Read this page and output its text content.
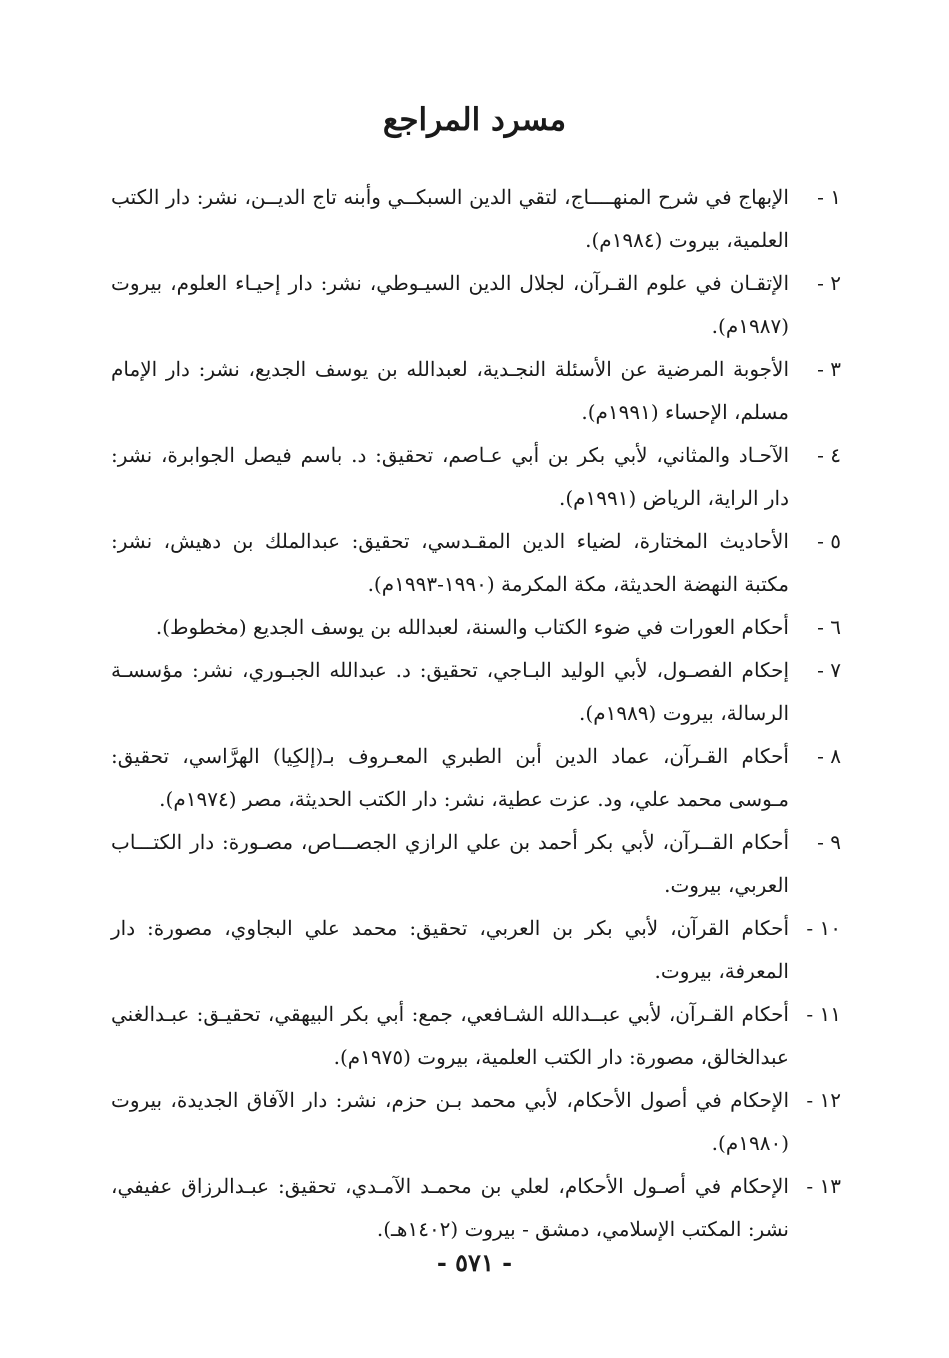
مسرد المراجع
١ -
الإبهاج في شرح المنهــــاج، لتقي الدين السبكــي وأبنه تاج الديــن، نشر: دار الكتب العلمية، بيروت (١٩٨٤م).
٢ -
الإتقـان في علوم القـرآن، لجلال الدين السيـوطي، نشر: دار إحيـاء العلوم، بيروت (١٩٨٧م).
٣ -
الأجوبة المرضية عن الأسئلة النجـدية، لعبدالله بن يوسف الجديع، نشر: دار الإمام مسلم، الإحساء (١٩٩١م).
٤ -
الآحـاد والمثاني، لأبي بكر بن أبي عـاصم، تحقيق: د. باسم فيصل الجوابرة، نشر: دار الراية، الرياض (١٩٩١م).
٥ -
الأحاديث المختارة، لضياء الدين المقـدسي، تحقيق: عبدالملك بن دهيش، نشر: مكتبة النهضة الحديثة، مكة المكرمة (١٩٩٠-١٩٩٣م).
٦ -
أحكام العورات في ضوء الكتاب والسنة، لعبدالله بن يوسف الجديع (مخطوط).
٧ -
إحكام الفصـول، لأبي الوليد البـاجي، تحقيق: د. عبدالله الجبـوري، نشر: مؤسسـة الرسالة، بيروت (١٩٨٩م).
٨ -
أحكام القـرآن، عماد الدين أبن الطبري المعـروف بـ(إلكِيا) الهرَّاسي، تحقيق: مـوسى محمد علي، ود. عزت عطية، نشر: دار الكتب الحديثة، مصر (١٩٧٤م).
٩ -
أحكام القــرآن، لأبي بكر أحمد بن علي الرازي الجصـــاص، مصـورة: دار الكتـــاب العربي، بيروت.
١٠ -
أحكام القرآن، لأبي بكر بن العربي، تحقيق: محمد علي البجاوي، مصورة: دار المعرفة، بيروت.
١١ -
أحكام القـرآن، لأبي عبــدالله الشـافعي، جمع: أبي بكر البيهقي، تحقيـق: عبـدالغني عبدالخالق، مصورة: دار الكتب العلمية، بيروت (١٩٧٥م).
١٢ -
الإحكام في أصول الأحكام، لأبي محمد بـن حزم، نشر: دار الآفاق الجديدة، بيروت (١٩٨٠م).
١٣ -
الإحكام في أصـول الأحكام، لعلي بن محمـد الآمـدي، تحقيق: عبـدالرزاق عفيفي، نشر: المكتب الإسلامي، دمشق - بيروت (١٤٠٢هـ).
- ٥٧١ -
